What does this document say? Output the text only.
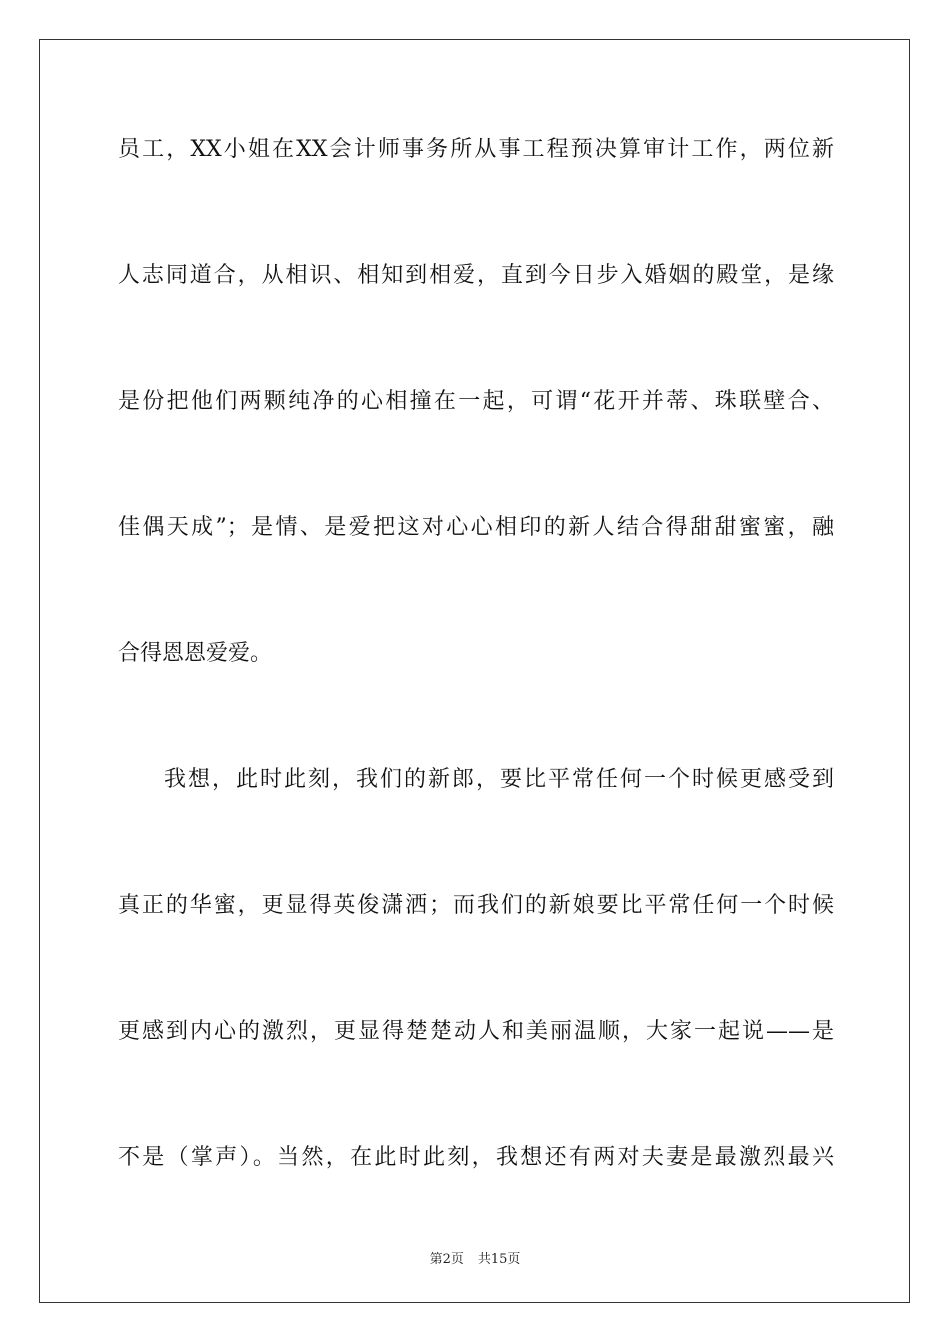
员工，XX小姐在XX会计师事务所从事工程预决算审计工作，两位新
人志同道合，从相识、相知到相爱，直到今日步入婚姻的殿堂，是缘
是份把他们两颗纯净的心相撞在一起，可谓“花开并蒂、珠联壁合、
佳偶天成”；是情、是爱把这对心心相印的新人结合得甜甜蜜蜜，融
合得恩恩爱爱。
我想，此时此刻，我们的新郎，要比平常任何一个时候更感受到
真正的华蜜，更显得英俊潇洒；而我们的新娘要比平常任何一个时候
更感到内心的激烈，更显得楚楚动人和美丽温顺，大家一起说——是
不是（掌声）。当然，在此时此刻，我想还有两对夫妻是最激烈最兴
第2页 共15页
